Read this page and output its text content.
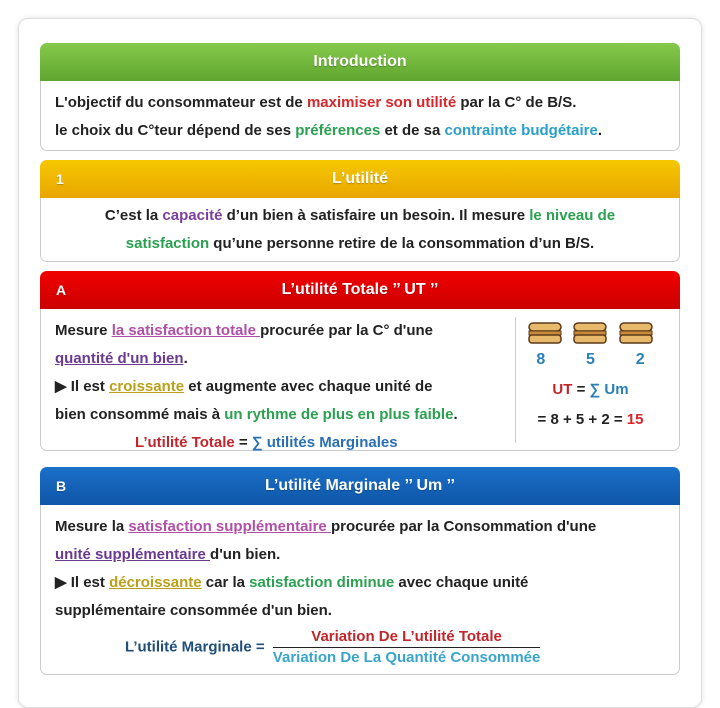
Introduction
L'objectif du consommateur est de maximiser son utilité par la C° de B/S.
le choix du C°teur dépend de ses préférences et de sa contrainte budgétaire.
1	L’utilité
C’est la capacité d’un bien à satisfaire un besoin. Il mesure le niveau de
satisfaction qu’une personne retire de la consommation d’un B/S.
A	L’utilité Totale ’’ UT ’’
Mesure la satisfaction totale procurée par la C° d'une
quantité d'un bien.
▶ Il est croissante et augmente avec chaque unité de
bien consommé mais à un rythme de plus en plus faible.
L’utilité Totale = ∑ utilités Marginales
8	5	2
UT = ∑ Um
= 8 + 5 + 2 = 15
B	L’utilité Marginale ’’ Um ’’
Mesure la satisfaction supplémentaire procurée par la Consommation d'une
unité supplémentaire d'un bien.
▶ Il est décroissante car la satisfaction diminue avec chaque unité
supplémentaire consommée d'un bien.
L’utilité Marginale = $\frac{\text{Variation De L’utilité Totale}}{\text{Variation De La Quantité Consommée}}$
